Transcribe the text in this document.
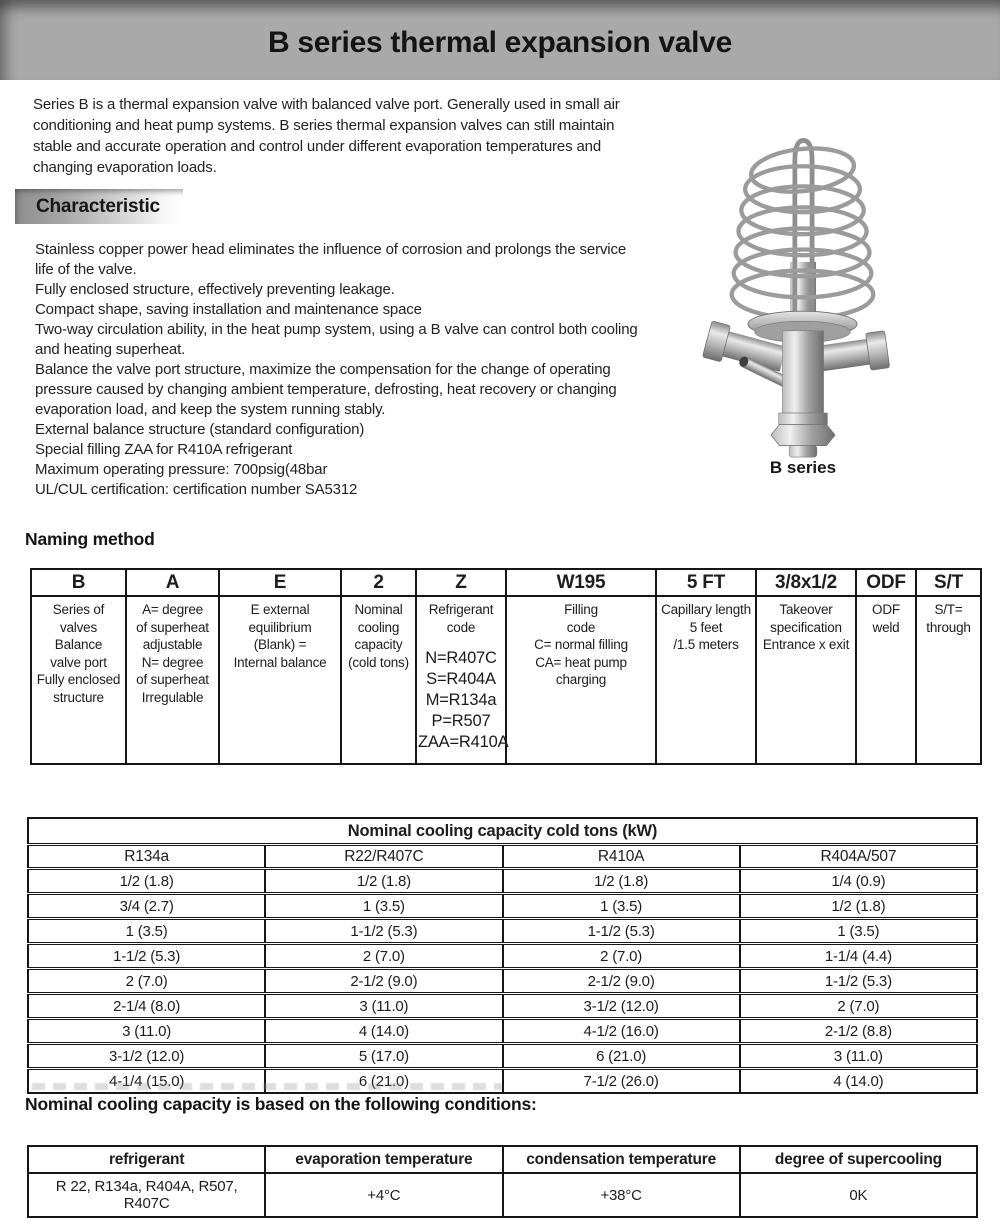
B series thermal expansion valve
Series B is a thermal expansion valve with balanced valve port. Generally used in small air conditioning and heat pump systems. B series thermal expansion valves can still maintain stable and accurate operation and control under different evaporation temperatures and changing evaporation loads.
Characteristic
Stainless copper power head eliminates the influence of corrosion and prolongs the service life of the valve.
Fully enclosed structure, effectively preventing leakage.
Compact shape, saving installation and maintenance space
Two-way circulation ability, in the heat pump system, using a B valve can control both cooling and heating superheat.
Balance the valve port structure, maximize the compensation for the change of operating pressure caused by changing ambient temperature, defrosting, heat recovery or changing evaporation load, and keep the system running stably.
External balance structure (standard configuration)
Special filling ZAA for R410A refrigerant
Maximum operating pressure: 700psig(48bar
UL/CUL certification: certification number SA5312
B series
Naming method
B	A	E	2	Z	W195	5 FT	3/8x1/2	ODF	S/T

Series of
valves
Balance
valve port
Fully enclosed
structure

A= degree
of superheat
adjustable
N= degree
of superheat
Irregulable

E external
equilibrium
(Blank) =
Internal balance

Nominal
cooling
capacity
(cold tons)

Refrigerant
code
N=R407C
S=R404A
M=R134a
P=R507
ZAA=R410A

Filling
code
C= normal filling
CA= heat pump
charging

Capillary length
5 feet
/1.5 meters

Takeover
specification
Entrance x exit

ODF
weld

S/T=
through
Nominal cooling capacity cold tons (kW)			
R134a	R22/R407C	R410A	R404A/507
1/2 (1.8)	1/2 (1.8)	1/2 (1.8)	1/4 (0.9)
3/4 (2.7)	1 (3.5)	1 (3.5)	1/2 (1.8)
1 (3.5)	1-1/2 (5.3)	1-1/2 (5.3)	1 (3.5)
1-1/2 (5.3)	2 (7.0)	2 (7.0)	1-1/4 (4.4)
2 (7.0)	2-1/2 (9.0)	2-1/2 (9.0)	1-1/2 (5.3)
2-1/4 (8.0)	3 (11.0)	3-1/2 (12.0)	2 (7.0)
3 (11.0)	4 (14.0)	4-1/2 (16.0)	2-1/2 (8.8)
3-1/2 (12.0)	5 (17.0)	6 (21.0)	3 (11.0)
4-1/4 (15.0)	6 (21.0)	7-1/2 (26.0)	4 (14.0)
Nominal cooling capacity is based on the following conditions:
refrigerant	evaporation temperature	condensation temperature	degree of supercooling

R 22, R134a, R404A, R507,
R407C	+4°C	+38°C	0K
